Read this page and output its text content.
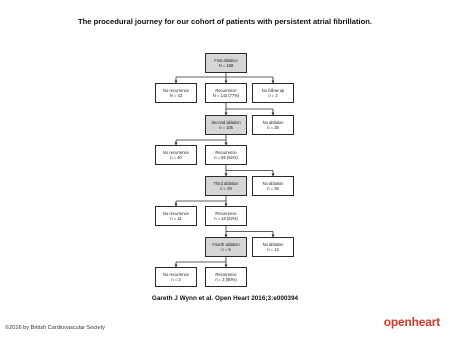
The procedural journey for our cohort of patients with persistent atrial fibrillation.
First ablation
N = 188
No recurrence
N = 43
Recurrence
N = 143 (77%)
No follow up
n = 2
Second ablation
n = 105
No ablation
n = 38
No recurrence
n = 40
Recurrence
n = 65 (62%)
Third ablation
n = 29
No ablation
n = 36
No recurrence
n = 11
Recurrence
n = 18 (62%)
Fourth ablation
n = 5
No ablation
n = 13
No recurrence
n = 2
Recurrence
n = 3 (60%)
Gareth J Wynn et al. Open Heart 2016;3:e000394
©2016 by British Cardiovascular Society	openheart
